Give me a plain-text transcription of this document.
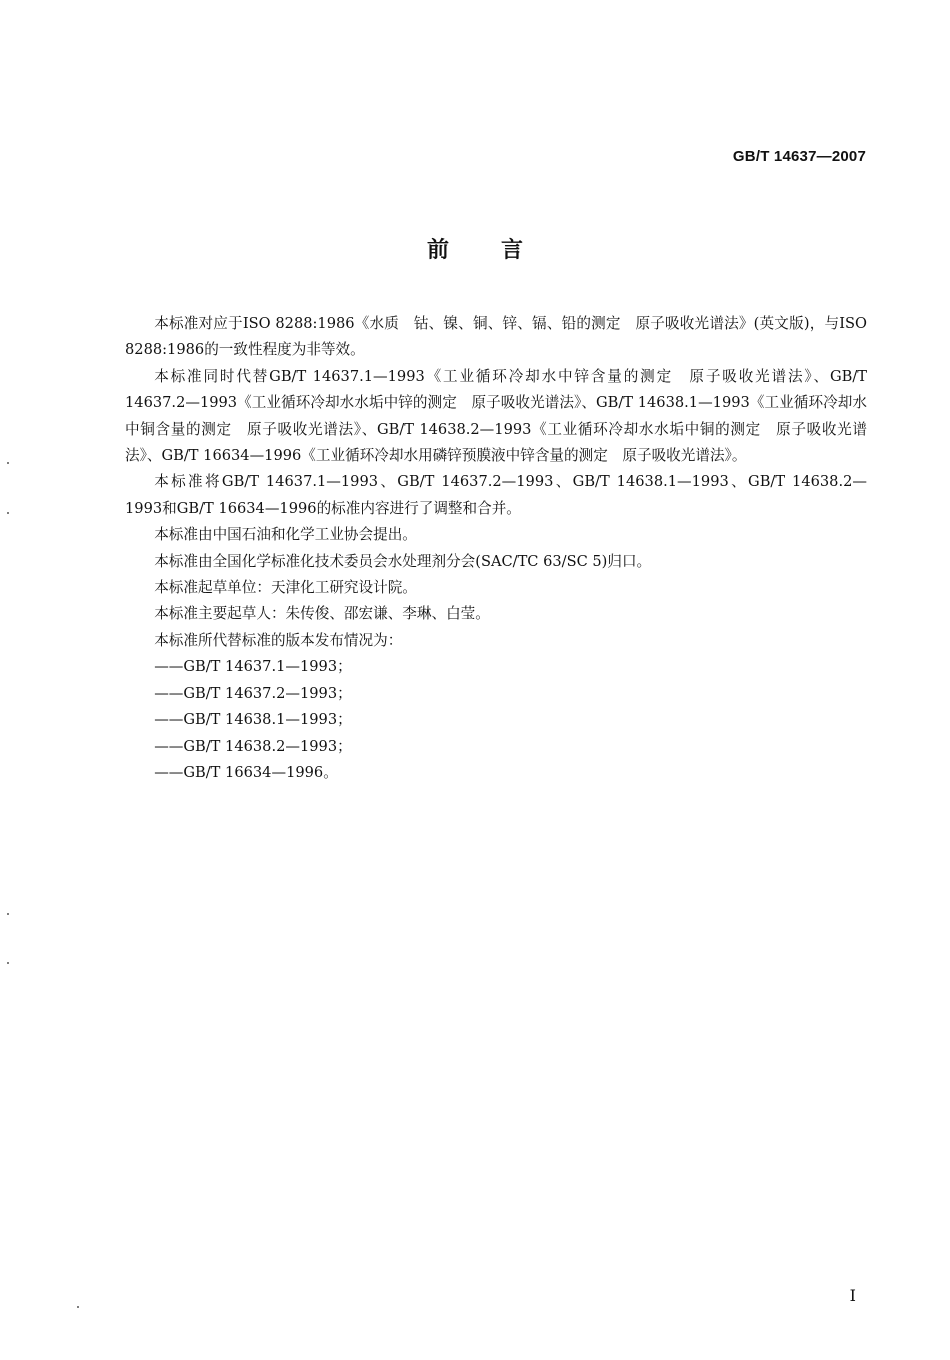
GB/T 14637—2007
前 言

本标准对应于ISO 8288:1986《水质　钴、镍、铜、锌、镉、铅的测定　原子吸收光谱法》(英文版)，与ISO 8288:1986的一致性程度为非等效。

本标准同时代替GB/T 14637.1—1993《工业循环冷却水中锌含量的测定　原子吸收光谱法》、GB/T 14637.2—1993《工业循环冷却水水垢中锌的测定　原子吸收光谱法》、GB/T 14638.1—1993《工业循环冷却水中铜含量的测定　原子吸收光谱法》、GB/T 14638.2—1993《工业循环冷却水水垢中铜的测定　原子吸收光谱法》、GB/T 16634—1996《工业循环冷却水用磷锌预膜液中锌含量的测定　原子吸收光谱法》。

本标准将GB/T 14637.1—1993、GB/T 14637.2—1993、GB/T 14638.1—1993、GB/T 14638.2—1993和GB/T 16634—1996的标准内容进行了调整和合并。

本标准由中国石油和化学工业协会提出。

本标准由全国化学标准化技术委员会水处理剂分会(SAC/TC 63/SC 5)归口。

本标准起草单位：天津化工研究设计院。

本标准主要起草人：朱传俊、邵宏谦、李琳、白莹。

本标准所代替标准的版本发布情况为：

——GB/T 14637.1—1993；
——GB/T 14637.2—1993；
——GB/T 14638.1—1993；
——GB/T 14638.2—1993；
——GB/T 16634—1996。
I
